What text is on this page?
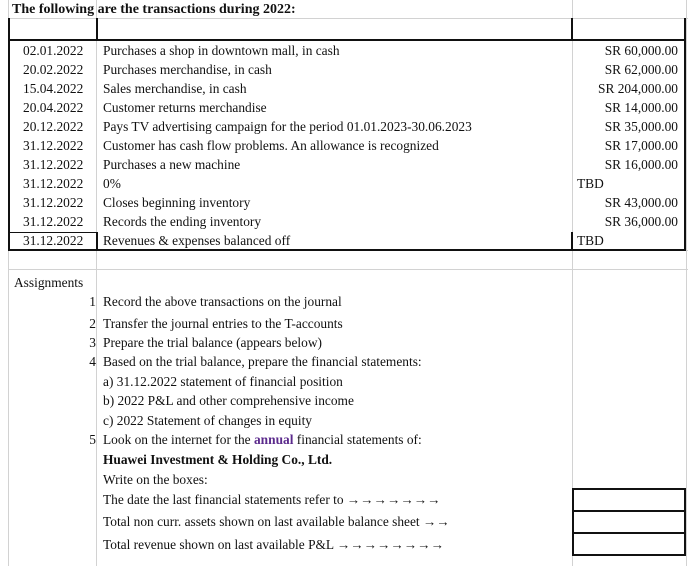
The following are the transactions during 2022:
02.01.2022 Purchases a shop in downtown mall, in cash	SR 60,000.00
20.02.2022 Purchases merchandise, in cash	SR 62,000.00
15.04.2022 Sales merchandise, in cash	SR 204,000.00
20.04.2022 Customer returns merchandise	SR 14,000.00
20.12.2022 Pays TV advertising campaign for the period 01.01.2023-30.06.2023	SR 35,000.00
31.12.2022 Customer has cash flow problems. An allowance is recognized	SR 17,000.00
31.12.2022 Purchases a new machine	SR 16,000.00
31.12.2022 0%	TBD
31.12.2022 Closes beginning inventory	SR 43,000.00
31.12.2022 Records the ending inventory	SR 36,000.00
31.12.2022 Revenues & expenses balanced off	TBD
Assignments
1 Record the above transactions on the journal
2 Transfer the journal entries to the T-accounts
3 Prepare the trial balance (appears below)
4 Based on the trial balance, prepare the financial statements:
a) 31.12.2022 statement of financial position
b) 2022 P&L and other comprehensive income
c) 2022 Statement of changes in equity
5 Look on the internet for the annual financial statements of:
Huawei Investment & Holding Co., Ltd.
Write on the boxes:
The date the last financial statements refer to →→→→→→→
Total non curr. assets shown on last available balance sheet →→
Total revenue shown on last available P&L →→→→→→→→
